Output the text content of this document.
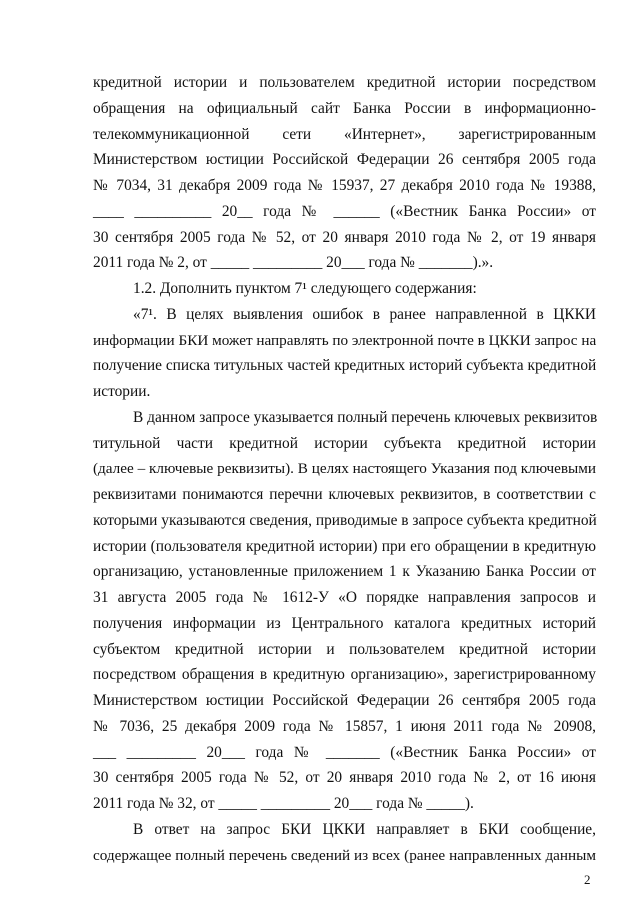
кредитной истории и пользователем кредитной истории посредством
обращения на официальный сайт Банка России в информационно-
телекоммуникационной сети «Интернет», зарегистрированным
Министерством юстиции Российской Федерации 26 сентября 2005 года
№ 7034, 31 декабря 2009 года № 15937, 27 декабря 2010 года № 19388,
____ __________ 20__ года № ______ («Вестник Банка России» от
30 сентября 2005 года № 52, от 20 января 2010 года № 2, от 19 января
2011 года № 2, от _____ _________ 20___ года № _______).».
1.2. Дополнить пунктом 7¹ следующего содержания:
«7¹. В целях выявления ошибок в ранее направленной в ЦККИ
информации БКИ может направлять по электронной почте в ЦККИ запрос на
получение списка титульных частей кредитных историй субъекта кредитной
истории.
В данном запросе указывается полный перечень ключевых реквизитов
титульной части кредитной истории субъекта кредитной истории
(далее – ключевые реквизиты). В целях настоящего Указания под ключевыми
реквизитами понимаются перечни ключевых реквизитов, в соответствии с
которыми указываются сведения, приводимые в запросе субъекта кредитной
истории (пользователя кредитной истории) при его обращении в кредитную
организацию, установленные приложением 1 к Указанию Банка России от
31 августа 2005 года № 1612-У «О порядке направления запросов и
получения информации из Центрального каталога кредитных историй
субъектом кредитной истории и пользователем кредитной истории
посредством обращения в кредитную организацию», зарегистрированному
Министерством юстиции Российской Федерации 26 сентября 2005 года
№ 7036, 25 декабря 2009 года № 15857, 1 июня 2011 года № 20908,
___ _________ 20___ года № _______ («Вестник Банка России» от
30 сентября 2005 года № 52, от 20 января 2010 года № 2, от 16 июня
2011 года № 32, от _____ _________ 20___ года № _____).
В ответ на запрос БКИ ЦККИ направляет в БКИ сообщение,
содержащее полный перечень сведений из всех (ранее направленных данным
2
